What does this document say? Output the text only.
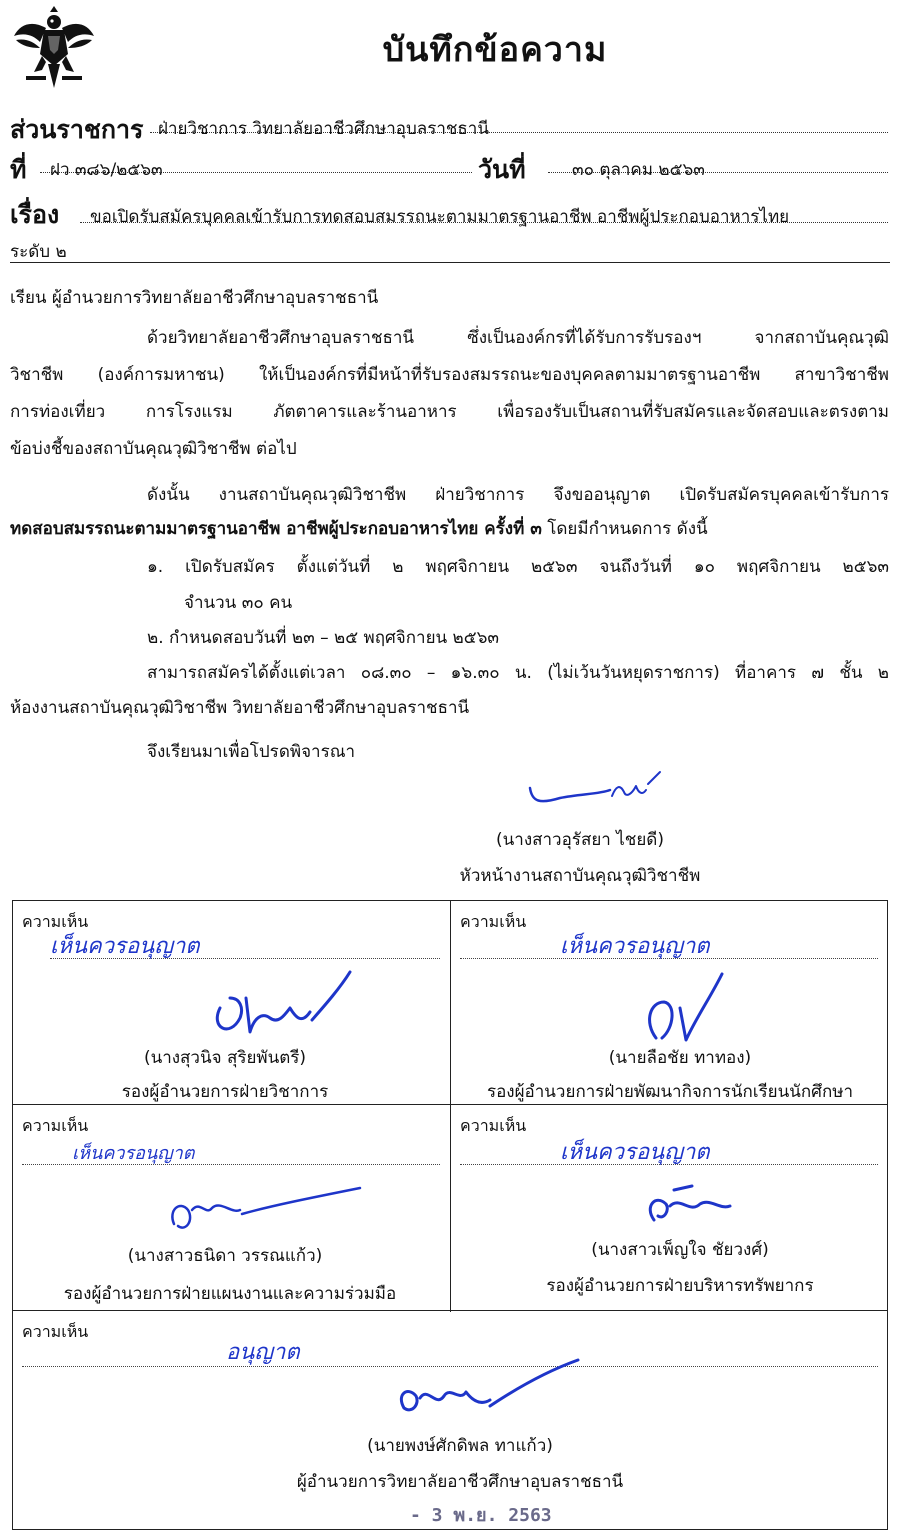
บันทึกข้อความ
ส่วนราชการ ฝ่ายวิชาการ วิทยาลัยอาชีวศึกษาอุบลราชธานี
ที่ ฝว ๓๘๖/๒๕๖๓	วันที่	๓๐ ตุลาคม ๒๕๖๓
เรื่อง ขอเปิดรับสมัครบุคคลเข้ารับการทดสอบสมรรถนะตามมาตรฐานอาชีพ อาชีพผู้ประกอบอาหารไทย
ระดับ ๒
เรียน ผู้อำนวยการวิทยาลัยอาชีวศึกษาอุบลราชธานี
ด้วยวิทยาลัยอาชีวศึกษาอุบลราชธานี ซึ่งเป็นองค์กรที่ได้รับการรับรองฯ จากสถาบันคุณวุฒิ
วิชาชีพ (องค์การมหาชน) ให้เป็นองค์กรที่มีหน้าที่รับรองสมรรถนะของบุคคลตามมาตรฐานอาชีพ สาขาวิชาชีพ
การท่องเที่ยว การโรงแรม ภัตตาคารและร้านอาหาร เพื่อรองรับเป็นสถานที่รับสมัครและจัดสอบและตรงตาม
ข้อบ่งชี้ของสถาบันคุณวุฒิวิชาชีพ ต่อไป
ดังนั้น งานสถาบันคุณวุฒิวิชาชีพ ฝ่ายวิชาการ จึงขออนุญาต เปิดรับสมัครบุคคลเข้ารับการ
ทดสอบสมรรถนะตามมาตรฐานอาชีพ อาชีพผู้ประกอบอาหารไทย ครั้งที่ ๓ โดยมีกำหนดการ ดังนี้
๑. เปิดรับสมัคร ตั้งแต่วันที่ ๒ พฤศจิกายน ๒๕๖๓ จนถึงวันที่ ๑๐ พฤศจิกายน ๒๕๖๓
จำนวน ๓๐ คน
๒. กำหนดสอบวันที่ ๒๓ – ๒๕ พฤศจิกายน ๒๕๖๓
สามารถสมัครได้ตั้งแต่เวลา ๐๘.๓๐ – ๑๖.๓๐ น. (ไม่เว้นวันหยุดราชการ) ที่อาคาร ๗ ชั้น ๒
ห้องงานสถาบันคุณวุฒิวิชาชีพ วิทยาลัยอาชีวศึกษาอุบลราชธานี
จึงเรียนมาเพื่อโปรดพิจารณา
(นางสาวอุรัสยา ไชยดี)
หัวหน้างานสถาบันคุณวุฒิวิชาชีพ
ความเห็น
เห็นควรอนุญาต
(นางสุวนิจ สุริยพันตรี)
รองผู้อำนวยการฝ่ายวิชาการ
ความเห็น
เห็นควรอนุญาต
(นายลือชัย ทาทอง)
รองผู้อำนวยการฝ่ายพัฒนากิจการนักเรียนนักศึกษา
ความเห็น
เห็นควรอนุญาต
(นางสาวธนิดา วรรณแก้ว)
รองผู้อำนวยการฝ่ายแผนงานและความร่วมมือ
ความเห็น
เห็นควรอนุญาต
(นางสาวเพ็ญใจ ชัยวงศ์)
รองผู้อำนวยการฝ่ายบริหารทรัพยากร
ความเห็น
อนุญาต
(นายพงษ์ศักดิพล ทาแก้ว)
ผู้อำนวยการวิทยาลัยอาชีวศึกษาอุบลราชธานี
- 3 พ.ย. 2563
